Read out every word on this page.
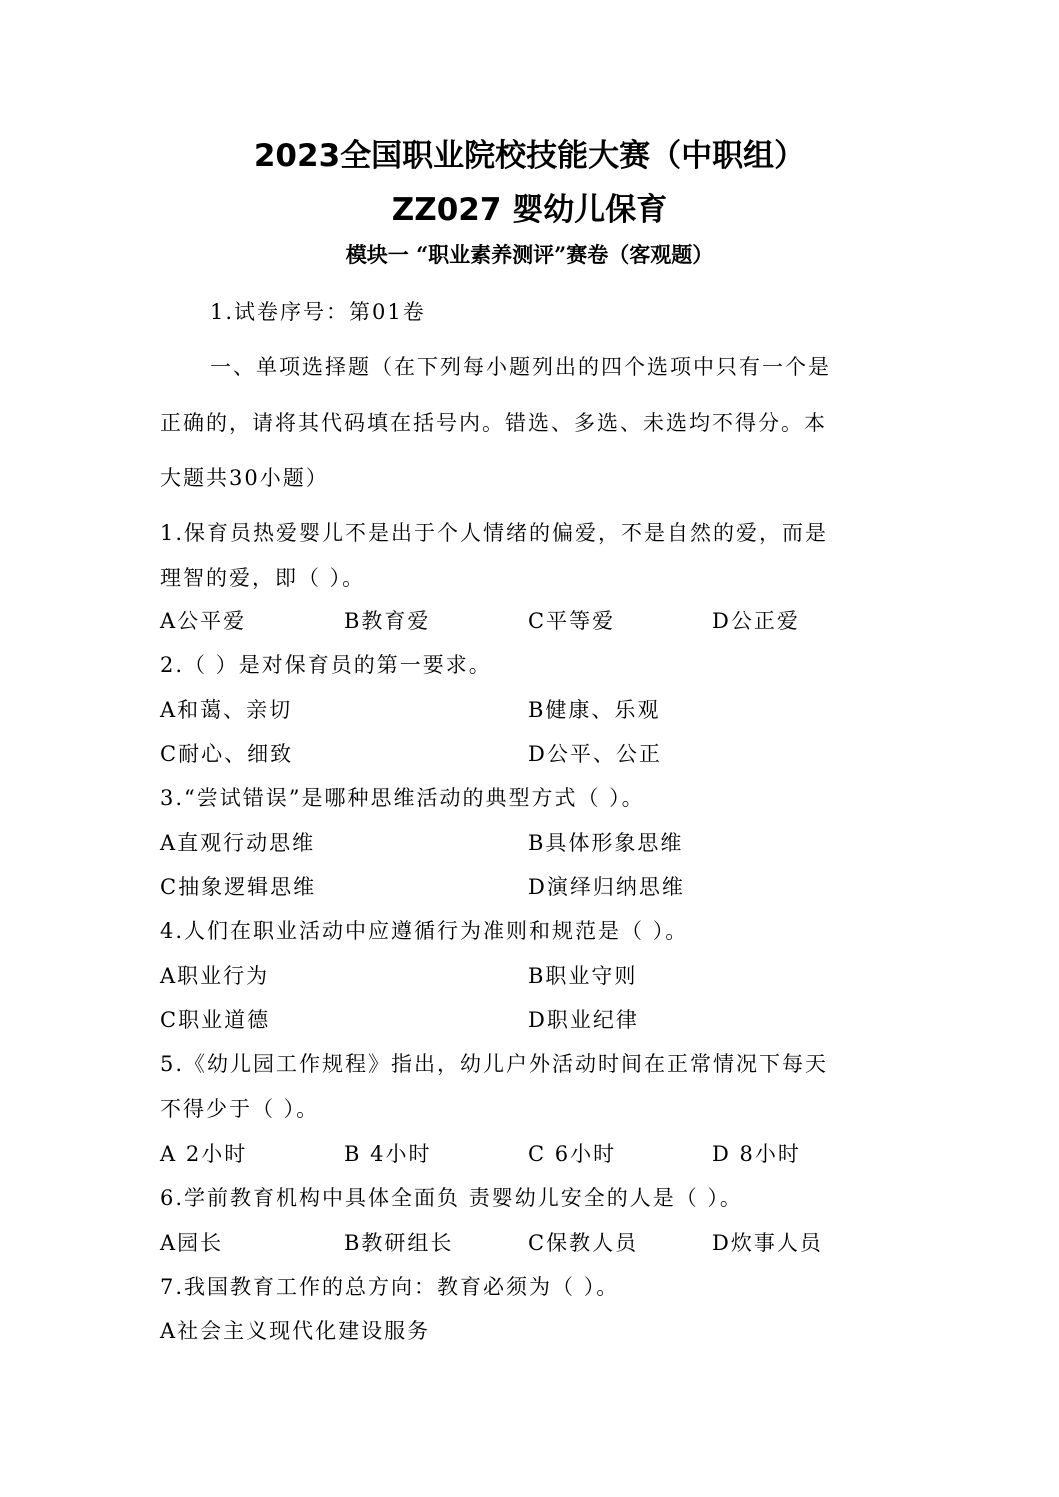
2023全国职业院校技能大赛（中职组）
ZZ027 婴幼儿保育
模块一 “职业素养测评”赛卷（客观题）
1.试卷序号：第01卷
一、单项选择题（在下列每小题列出的四个选项中只有一个是
正确的，请将其代码填在括号内。错选、多选、未选均不得分。本
大题共30小题）
1.保育员热爱婴儿不是出于个人情绪的偏爱，不是自然的爱，而是
理智的爱，即（ ）。
A公平爱	B教育爱	C平等爱	D公正爱
2.（ ）是对保育员的第一要求。
A和蔼、亲切	B健康、乐观
C耐心、细致	D公平、公正
3.“尝试错误”是哪种思维活动的典型方式（ ）。
A直观行动思维	B具体形象思维
C抽象逻辑思维	D演绎归纳思维
4.人们在职业活动中应遵循行为准则和规范是（ ）。
A职业行为	B职业守则
C职业道德	D职业纪律
5.《幼儿园工作规程》指出，幼儿户外活动时间在正常情况下每天
不得少于（ ）。
A 2小时	B 4小时	C 6小时	D 8小时
6.学前教育机构中具体全面负 责婴幼儿安全的人是（ ）。
A园长	B教研组长	C保教人员	D炊事人员
7.我国教育工作的总方向：教育必须为（ ）。
A社会主义现代化建设服务
